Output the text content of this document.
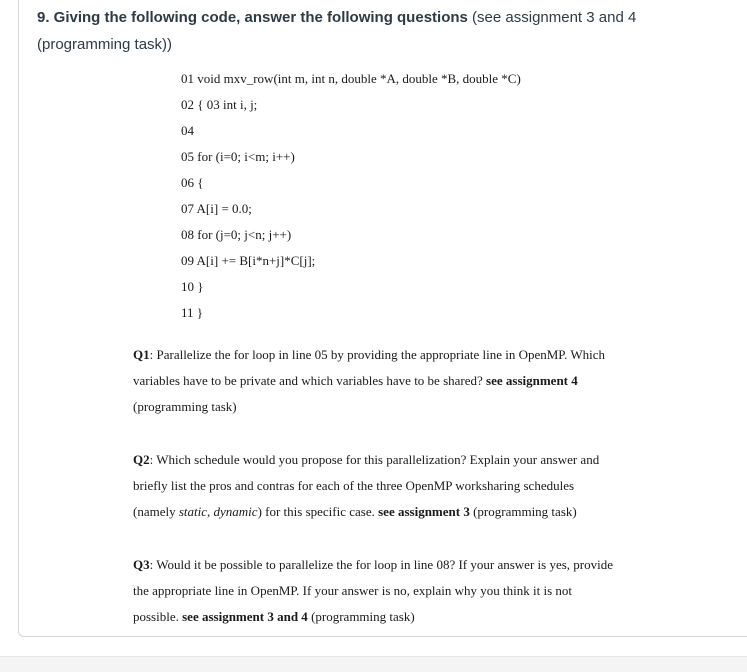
9. Giving the following code, answer the following questions (see assignment 3 and 4
(programming task))
01 void mxv_row(int m, int n, double *A, double *B, double *C)
02 { 03 int i, j;
04
05 for (i=0; i<m; i++)
06 {
07 A[i] = 0.0;
08 for (j=0; j<n; j++)
09 A[i] += B[i*n+j]*C[j];
10 }
11 }
Q1: Parallelize the for loop in line 05 by providing the appropriate line in OpenMP. Which
variables have to be private and which variables have to be shared? see assignment 4
(programming task)
Q2: Which schedule would you propose for this parallelization? Explain your answer and
briefly list the pros and contras for each of the three OpenMP worksharing schedules
(namely static, dynamic) for this specific case. see assignment 3 (programming task)
Q3: Would it be possible to parallelize the for loop in line 08? If your answer is yes, provide
the appropriate line in OpenMP. If your answer is no, explain why you think it is not
possible. see assignment 3 and 4 (programming task)
